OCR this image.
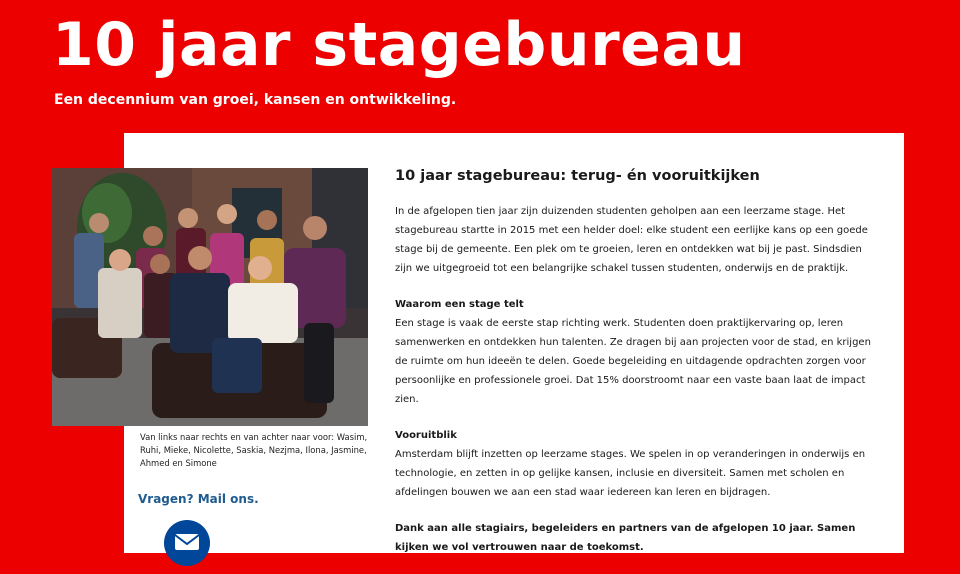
10 jaar stagebureau
Een decennium van groei, kansen en ontwikkeling.
Van links naar rechts en van achter naar voor: Wasim, Ruhi, Mieke, Nicolette, Saskia, Nezjma, Ilona, Jasmine, Ahmed en Simone
Vragen? Mail ons.
10 jaar stagebureau: terug- én vooruitkijken

In de afgelopen tien jaar zijn duizenden studenten geholpen aan een leerzame stage. Het stagebureau startte in 2015 met een helder doel: elke student een eerlijke kans op een goede stage bij de gemeente. Een plek om te groeien, leren en ontdekken wat bij je past. Sindsdien zijn we uitgegroeid tot een belangrijke schakel tussen studenten, onderwijs en de praktijk.

Waarom een stage telt
Een stage is vaak de eerste stap richting werk. Studenten doen praktijkervaring op, leren samenwerken en ontdekken hun talenten. Ze dragen bij aan projecten voor de stad, en krijgen de ruimte om hun ideeën te delen. Goede begeleiding en uitdagende opdrachten zorgen voor persoonlijke en professionele groei. Dat 15% doorstroomt naar een vaste baan laat de impact zien.

Vooruitblik
Amsterdam blijft inzetten op leerzame stages. We spelen in op veranderingen in onderwijs en technologie, en zetten in op gelijke kansen, inclusie en diversiteit. Samen met scholen en afdelingen bouwen we aan een stad waar iedereen kan leren en bijdragen.

Dank aan alle stagiairs, begeleiders en partners van de afgelopen 10 jaar. Samen kijken we vol vertrouwen naar de toekomst.
